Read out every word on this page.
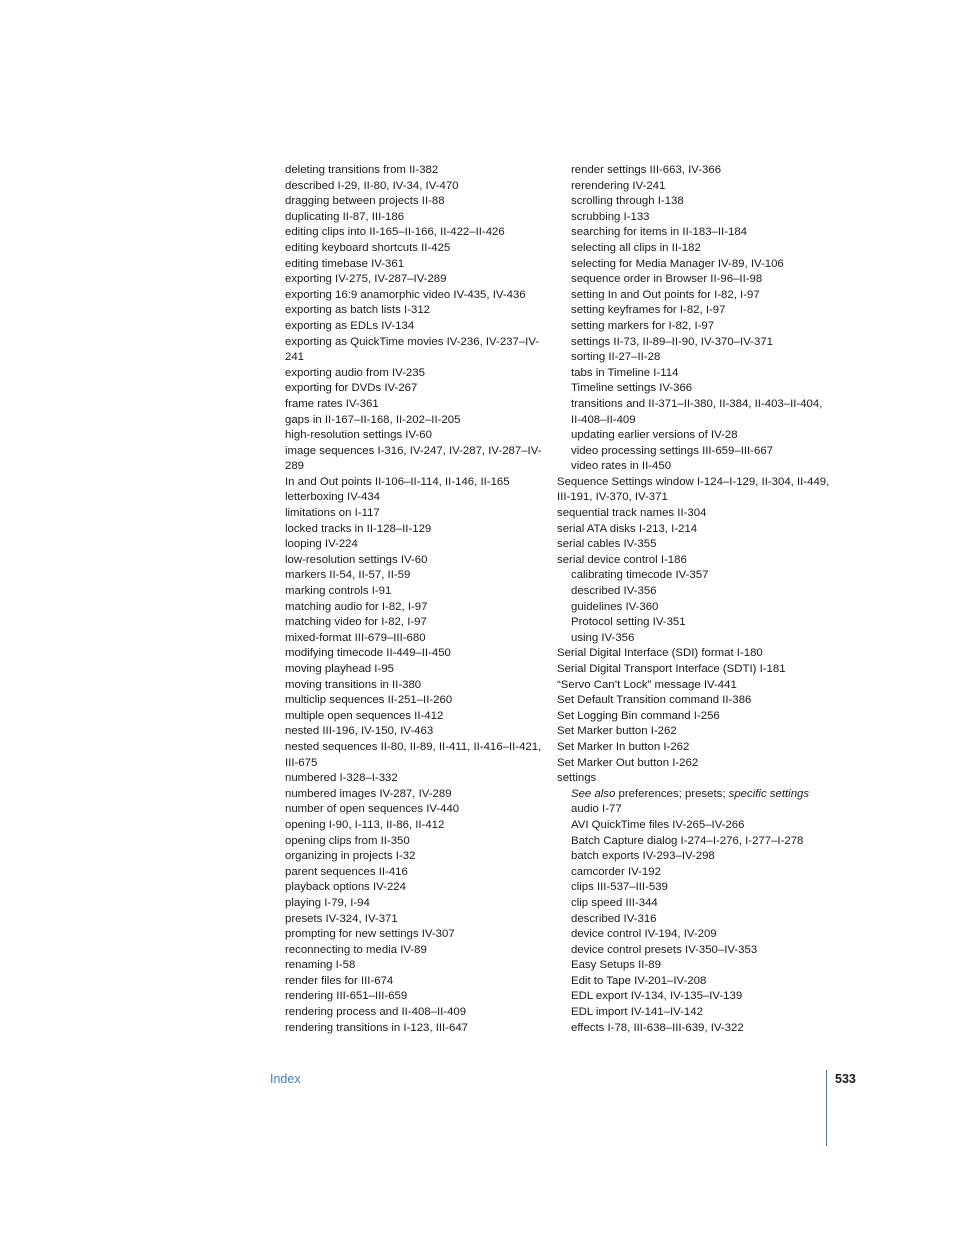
deleting transitions from II-382
described I-29, II-80, IV-34, IV-470
dragging between projects II-88
duplicating II-87, III-186
editing clips into II-165–II-166, II-422–II-426
editing keyboard shortcuts II-425
editing timebase IV-361
exporting IV-275, IV-287–IV-289
exporting 16:9 anamorphic video IV-435, IV-436
exporting as batch lists I-312
exporting as EDLs IV-134
exporting as QuickTime movies IV-236, IV-237–IV-241
exporting audio from IV-235
exporting for DVDs IV-267
frame rates IV-361
gaps in II-167–II-168, II-202–II-205
high-resolution settings IV-60
image sequences I-316, IV-247, IV-287, IV-287–IV-289
In and Out points II-106–II-114, II-146, II-165
letterboxing IV-434
limitations on I-117
locked tracks in II-128–II-129
looping IV-224
low-resolution settings IV-60
markers II-54, II-57, II-59
marking controls I-91
matching audio for I-82, I-97
matching video for I-82, I-97
mixed-format III-679–III-680
modifying timecode II-449–II-450
moving playhead I-95
moving transitions in II-380
multiclip sequences II-251–II-260
multiple open sequences II-412
nested III-196, IV-150, IV-463
nested sequences II-80, II-89, II-411, II-416–II-421, III-675
numbered I-328–I-332
numbered images IV-287, IV-289
number of open sequences IV-440
opening I-90, I-113, II-86, II-412
opening clips from II-350
organizing in projects I-32
parent sequences II-416
playback options IV-224
playing I-79, I-94
presets IV-324, IV-371
prompting for new settings IV-307
reconnecting to media IV-89
renaming I-58
render files for III-674
rendering III-651–III-659
rendering process and II-408–II-409
rendering transitions in I-123, III-647
render settings III-663, IV-366
rerendering IV-241
scrolling through I-138
scrubbing I-133
searching for items in II-183–II-184
selecting all clips in II-182
selecting for Media Manager IV-89, IV-106
sequence order in Browser II-96–II-98
setting In and Out points for I-82, I-97
setting keyframes for I-82, I-97
setting markers for I-82, I-97
settings II-73, II-89–II-90, IV-370–IV-371
sorting II-27–II-28
tabs in Timeline I-114
Timeline settings IV-366
transitions and II-371–II-380, II-384, II-403–II-404, II-408–II-409
updating earlier versions of IV-28
video processing settings III-659–III-667
video rates in II-450
Sequence Settings window I-124–I-129, II-304, II-449, III-191, IV-370, IV-371
sequential track names II-304
serial ATA disks I-213, I-214
serial cables IV-355
serial device control I-186
calibrating timecode IV-357
described IV-356
guidelines IV-360
Protocol setting IV-351
using IV-356
Serial Digital Interface (SDI) format I-180
Serial Digital Transport Interface (SDTI) I-181
“Servo Can’t Lock” message IV-441
Set Default Transition command II-386
Set Logging Bin command I-256
Set Marker button I-262
Set Marker In button I-262
Set Marker Out button I-262
settings
See also preferences; presets; specific settings
audio I-77
AVI QuickTime files IV-265–IV-266
Batch Capture dialog I-274–I-276, I-277–I-278
batch exports IV-293–IV-298
camcorder IV-192
clips III-537–III-539
clip speed III-344
described IV-316
device control IV-194, IV-209
device control presets IV-350–IV-353
Easy Setups II-89
Edit to Tape IV-201–IV-208
EDL export IV-134, IV-135–IV-139
EDL import IV-141–IV-142
effects I-78, III-638–III-639, IV-322
Index	533
